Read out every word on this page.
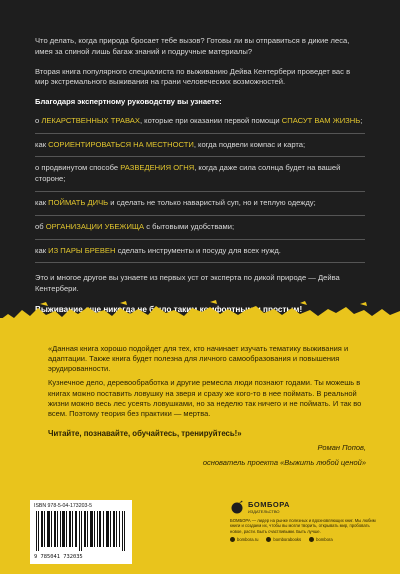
Что делать, когда природа бросает тебе вызов? Готовы ли вы отправиться в дикие леса, имея за спиной лишь багаж знаний и подручные материалы?

Вторая книга популярного специалиста по выживанию Дейва Кентербери проведет вас в мир экстремального выживания на грани человеческих возможностей.

Благодаря экспертному руководству вы узнаете:

о ЛЕКАРСТВЕННЫХ ТРАВАХ, которые при оказании первой помощи СПАСУТ ВАМ ЖИЗНЬ;
как СОРИЕНТИРОВАТЬСЯ НА МЕСТНОСТИ, когда подвели компас и карта;
о продвинутом способе РАЗВЕДЕНИЯ ОГНЯ, когда даже сила солнца будет на вашей стороне;
как ПОЙМАТЬ ДИЧЬ и сделать не только наваристый суп, но и теплую одежду;
об ОРГАНИЗАЦИИ УБЕЖИЩА с бытовыми удобствами;
как ИЗ ПАРЫ БРЕВЕН сделать инструменты и посуду для всех нужд.

Это и многое другое вы узнаете из первых уст от эксперта по дикой природе — Дейва Кентербери.

Выживание еще никогда не было таким комфортным и простым!

«Данная книга хорошо подойдет для тех, кто начинает изучать тематику выживания и адаптации. Также книга будет полезна для личного самообразования и повышения эрудированности.

Кузнечное дело, деревообработка и другие ремесла люди познают годами. Ты можешь в книгах можно поставить ловушку на зверя и сразу же кого-то в нее поймать. В реальной жизни можно весь лес усеять ловушками, но за неделю так ничего и не поймать. И так во всем. Поэтому теория без практики — мертва.

Читайте, познавайте, обучайтесь, тренируйтесь!»

Роман Попов,

основатель проекта «Выжить любой ценой»

ISBN 978-5-04-173203-5
9 785041 732035
БОМБОРА
ИЗДАТЕЛЬСТВО
БОМБОРА — лидер на рынке полезных и вдохновляющих книг. Мы любим книги и создаем их, чтобы вы могли творить, открывать мир, пробовать новое, расти. Быть счастливыми. Быть лучше.
bombora.ru	bomborabooks	bombora
